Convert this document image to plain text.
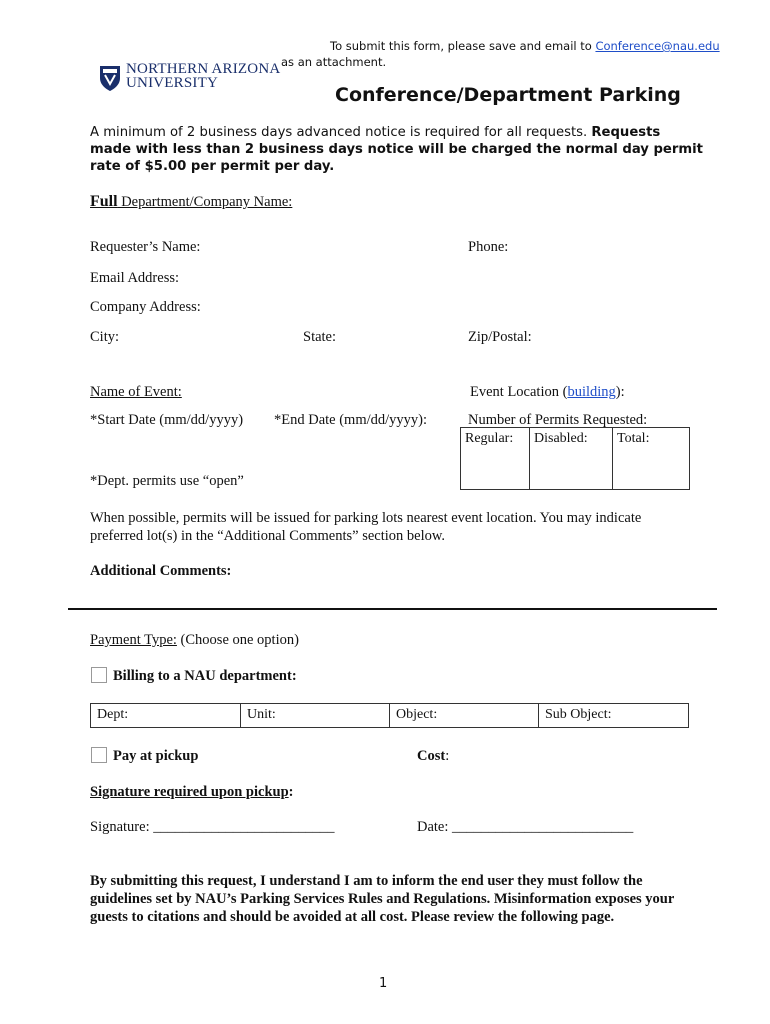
To submit this form, please save and email to Conference@nau.edu
as an attachment.
NORTHERN ARIZONA
UNIVERSITY
Conference/Department Parking
A minimum of 2 business days advanced notice is required for all requests. Requests made with less than 2 business days notice will be charged the normal day permit rate of $5.00 per permit per day.
Full Department/Company Name:
Requester’s Name:	Phone:
Email Address:
Company Address:
City:	State:	Zip/Postal:
Name of Event:	Event Location (building):
*Start Date (mm/dd/yyyy) *End Date (mm/dd/yyyy):	Number of Permits Requested:
Regular:	Disabled:	Total:
*Dept. permits use “open”
When possible, permits will be issued for parking lots nearest event location. You may indicate preferred lot(s) in the “Additional Comments” section below.
Additional Comments:
Payment Type: (Choose one option)
Billing to a NAU department:
Dept:	Unit:	Object:	Sub Object:
Pay at pickup	Cost:
Signature required upon pickup:
Signature: _________________________	Date: _________________________
By submitting this request, I understand I am to inform the end user they must follow the guidelines set by NAU’s Parking Services Rules and Regulations. Misinformation exposes your guests to citations and should be avoided at all cost. Please review the following page.
1
